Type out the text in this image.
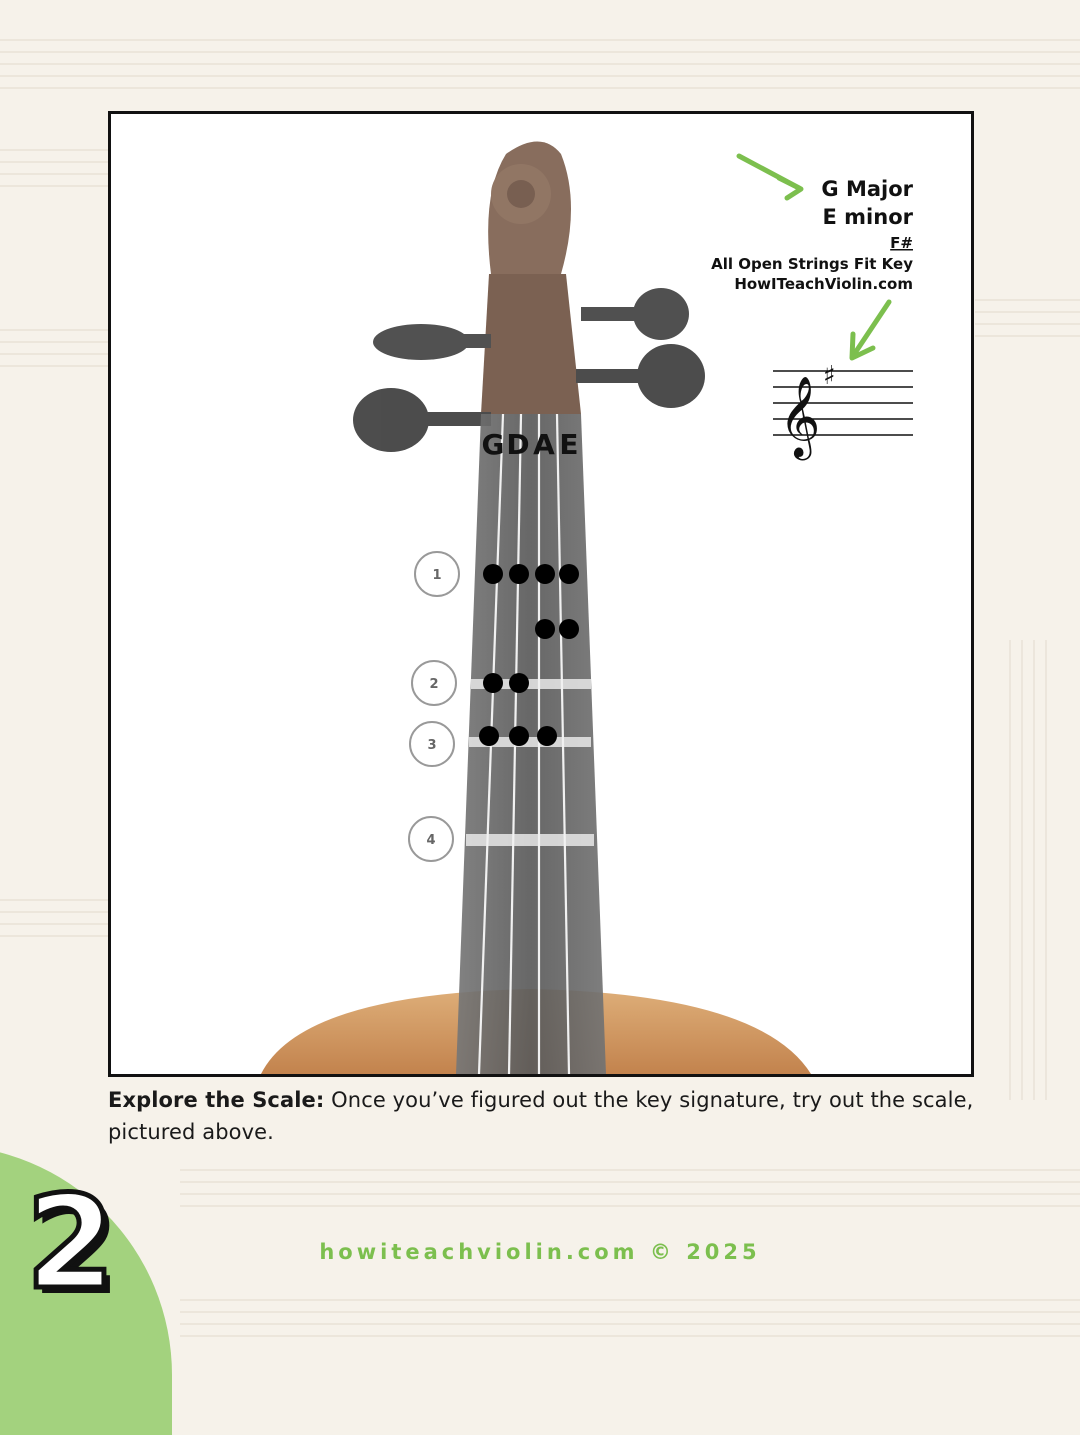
G D A E
1
2
3
4
G Major
E minor
F#
All Open Strings Fit Key
HowITeachViolin.com
𝄞 ♯
Explore the Scale: Once you’ve figured out the key signature, try out the scale, pictured above.
2	howiteachviolin.com © 2025
